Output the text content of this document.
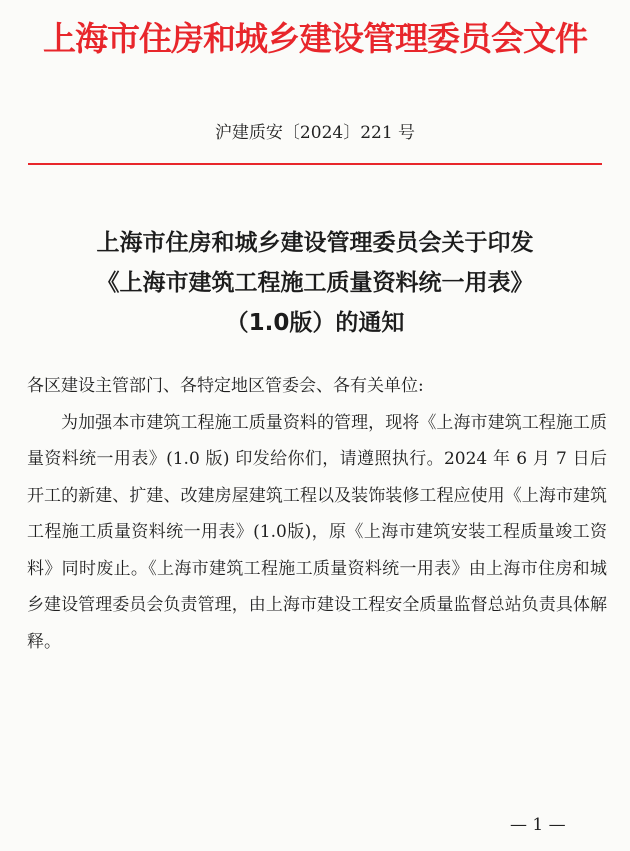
上海市住房和城乡建设管理委员会文件
沪建质安〔2024〕221 号
上海市住房和城乡建设管理委员会关于印发
《上海市建筑工程施工质量资料统一用表》
（1.0版）的通知

各区建设主管部门、各特定地区管委会、各有关单位:

为加强本市建筑工程施工质量资料的管理，现将《上海市建筑工程施工质量资料统一用表》(1.0 版) 印发给你们，请遵照执行。2024 年 6 月 7 日后开工的新建、扩建、改建房屋建筑工程以及装饰装修工程应使用《上海市建筑工程施工质量资料统一用表》(1.0版)，原《上海市建筑安装工程质量竣工资料》同时废止。《上海市建筑工程施工质量资料统一用表》由上海市住房和城乡建设管理委员会负责管理，由上海市建设工程安全质量监督总站负责具体解释。

— 1 —
